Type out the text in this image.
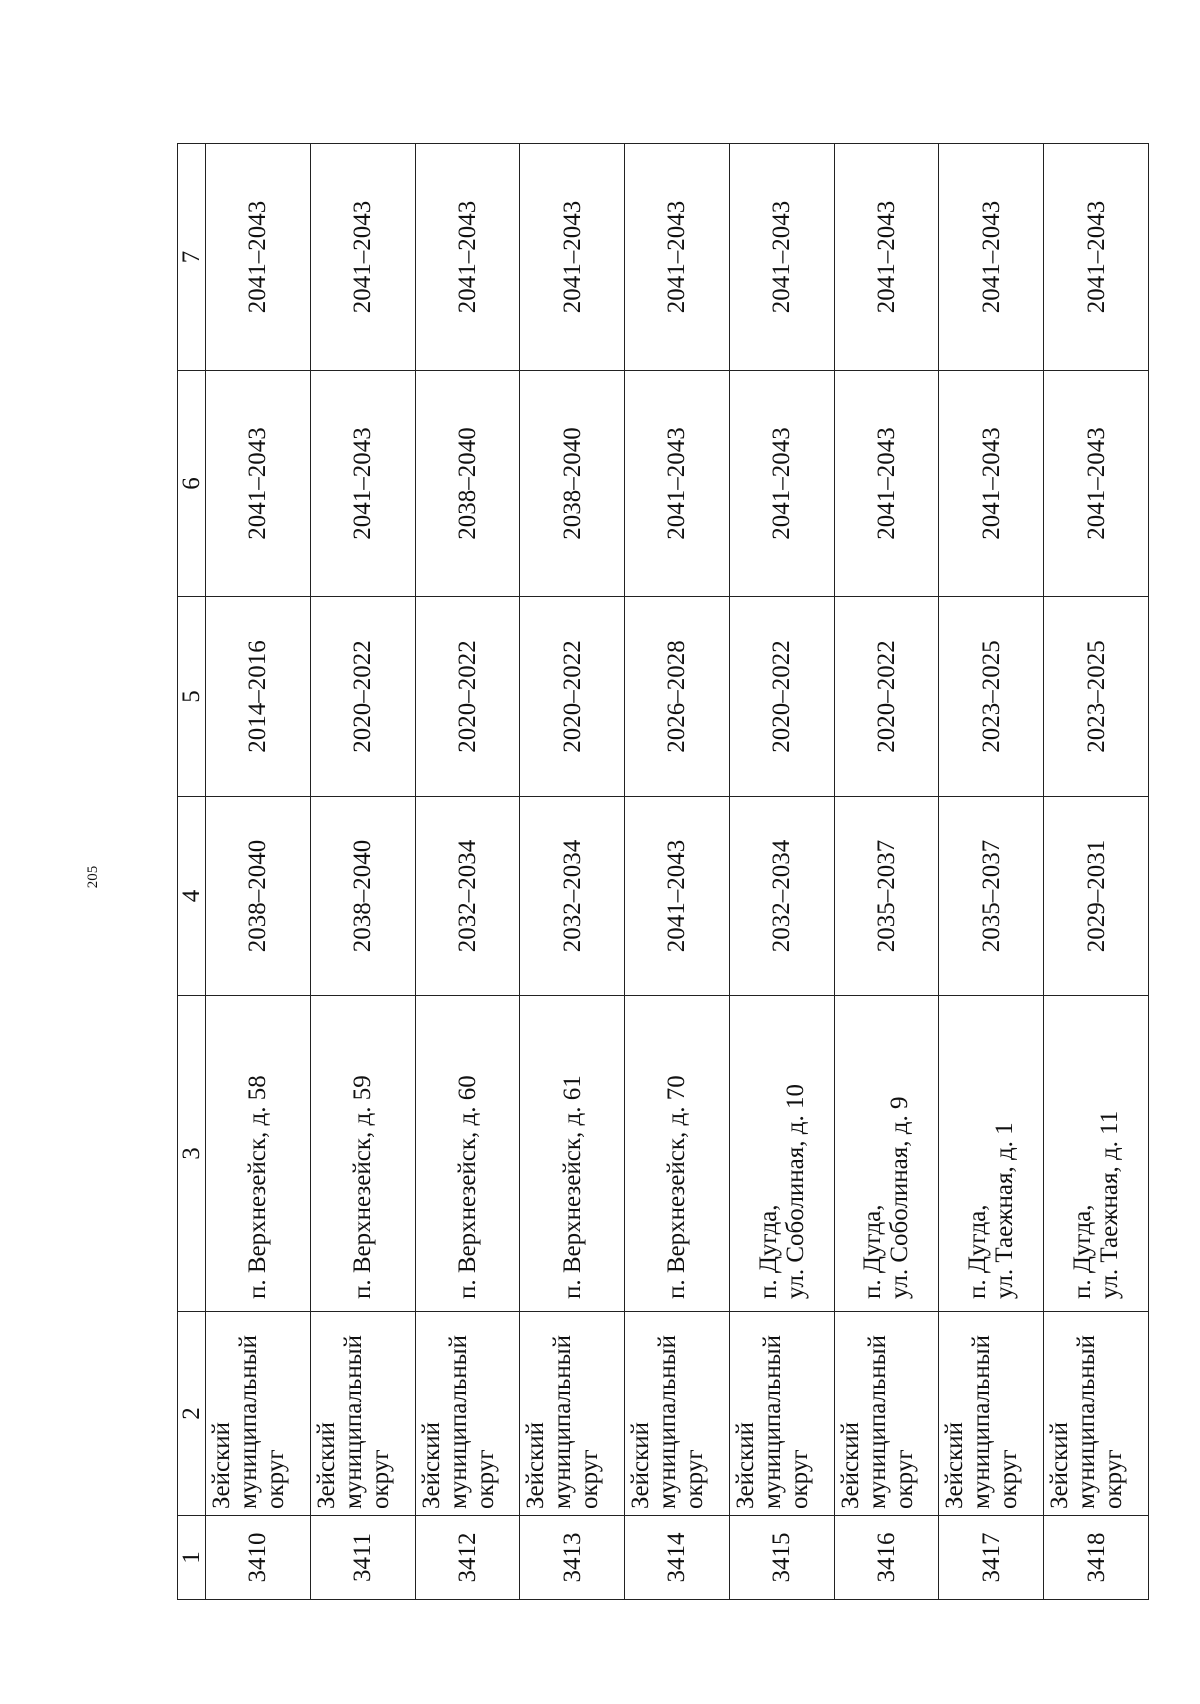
205
1	2	3	4	5	6	7
3410	Зейский муниципальный округ	п. Верхнезейск, д. 58	2038–2040	2014–2016	2041–2043	2041–2043
3411	Зейский муниципальный округ	п. Верхнезейск, д. 59	2038–2040	2020–2022	2041–2043	2041–2043
3412	Зейский муниципальный округ	п. Верхнезейск, д. 60	2032–2034	2020–2022	2038–2040	2041–2043
3413	Зейский муниципальный округ	п. Верхнезейск, д. 61	2032–2034	2020–2022	2038–2040	2041–2043
3414	Зейский муниципальный округ	п. Верхнезейск, д. 70	2041–2043	2026–2028	2041–2043	2041–2043
3415	Зейский муниципальный округ	п. Дугда,
ул. Соболиная, д. 10	2032–2034	2020–2022	2041–2043	2041–2043
3416	Зейский муниципальный округ	п. Дугда,
ул. Соболиная, д. 9	2035–2037	2020–2022	2041–2043	2041–2043
3417	Зейский муниципальный округ	п. Дугда,
ул. Таежная, д. 1	2035–2037	2023–2025	2041–2043	2041–2043
3418	Зейский муниципальный округ	п. Дугда,
ул. Таежная, д. 11	2029–2031	2023–2025	2041–2043	2041–2043
